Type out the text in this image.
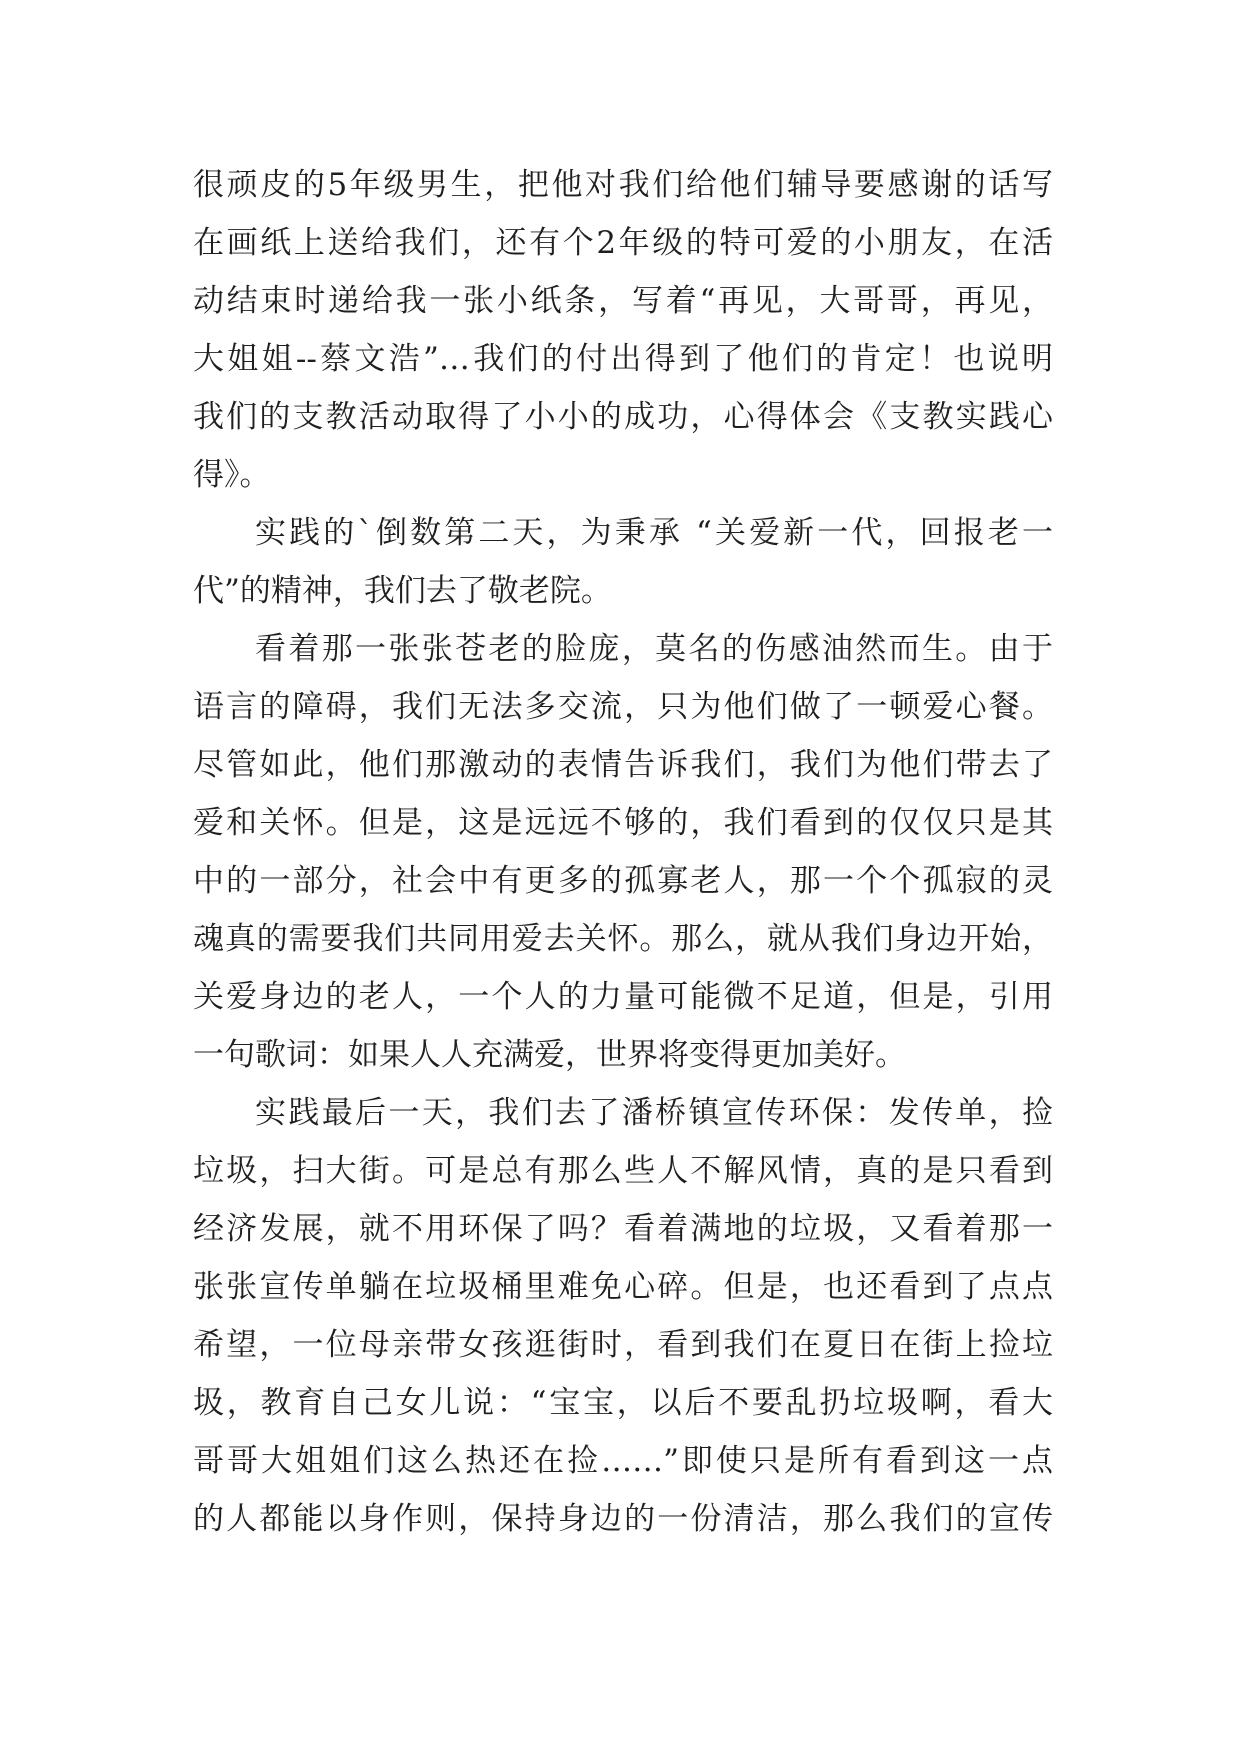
很顽皮的5年级男生，把他对我们给他们辅导要感谢的话写
在画纸上送给我们，还有个2年级的特可爱的小朋友，在活
动结束时递给我一张小纸条，写着“再见，大哥哥，再见，
大姐姐--蔡文浩”…我们的付出得到了他们的肯定！也说明
我们的支教活动取得了小小的成功，心得体会《支教实践心
得》。
实践的`倒数第二天，为秉承 “关爱新一代，回报老一
代”的精神，我们去了敬老院。
看着那一张张苍老的脸庞，莫名的伤感油然而生。由于
语言的障碍，我们无法多交流，只为他们做了一顿爱心餐。
尽管如此，他们那激动的表情告诉我们，我们为他们带去了
爱和关怀。但是，这是远远不够的，我们看到的仅仅只是其
中的一部分，社会中有更多的孤寡老人，那一个个孤寂的灵
魂真的需要我们共同用爱去关怀。那么，就从我们身边开始，
关爱身边的老人，一个人的力量可能微不足道，但是，引用
一句歌词：如果人人充满爱，世界将变得更加美好。
实践最后一天，我们去了潘桥镇宣传环保：发传单，捡
垃圾，扫大街。可是总有那么些人不解风情，真的是只看到
经济发展，就不用环保了吗？看着满地的垃圾，又看着那一
张张宣传单躺在垃圾桶里难免心碎。但是，也还看到了点点
希望，一位母亲带女孩逛街时，看到我们在夏日在街上捡垃
圾，教育自己女儿说：“宝宝，以后不要乱扔垃圾啊，看大
哥哥大姐姐们这么热还在捡……”即使只是所有看到这一点
的人都能以身作则，保持身边的一份清洁，那么我们的宣传
